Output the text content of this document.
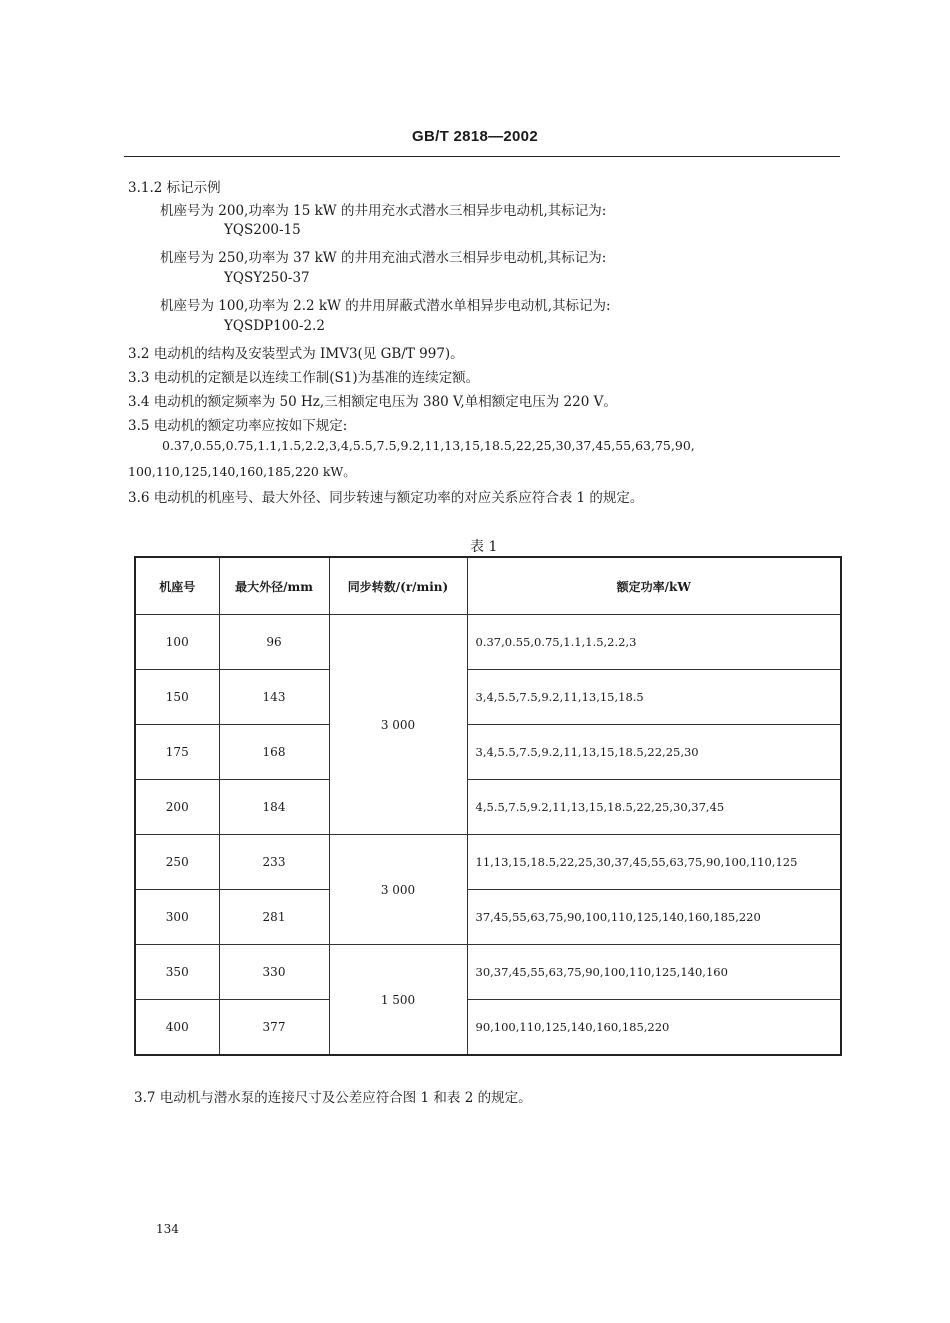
GB/T 2818—2002
3.1.2 标记示例
机座号为 200,功率为 15 kW 的井用充水式潜水三相异步电动机,其标记为:
YQS200-15
机座号为 250,功率为 37 kW 的井用充油式潜水三相异步电动机,其标记为:
YQSY250-37
机座号为 100,功率为 2.2 kW 的井用屏蔽式潜水单相异步电动机,其标记为:
YQSDP100-2.2
3.2 电动机的结构及安装型式为 IMV3(见 GB/T 997)。
3.3 电动机的定额是以连续工作制(S1)为基准的连续定额。
3.4 电动机的额定频率为 50 Hz,三相额定电压为 380 V,单相额定电压为 220 V。
3.5 电动机的额定功率应按如下规定:
0.37,0.55,0.75,1.1,1.5,2.2,3,4,5.5,7.5,9.2,11,13,15,18.5,22,25,30,37,45,55,63,75,90,
100,110,125,140,160,185,220 kW。
3.6 电动机的机座号、最大外径、同步转速与额定功率的对应关系应符合表 1 的规定。
表 1
机座号	最大外径/mm	同步转数/(r/min)	额定功率/kW
100	96	3 000	0.37,0.55,0.75,1.1,1.5,2.2,3
150	143		3,4,5.5,7.5,9.2,11,13,15,18.5
175	168		3,4,5.5,7.5,9.2,11,13,15,18.5,22,25,30
200	184		4,5.5,7.5,9.2,11,13,15,18.5,22,25,30,37,45
250	233	3 000	11,13,15,18.5,22,25,30,37,45,55,63,75,90,100,110,125
300	281		37,45,55,63,75,90,100,110,125,140,160,185,220
350	330	1 500	30,37,45,55,63,75,90,100,110,125,140,160
400	377		90,100,110,125,140,160,185,220
3.7 电动机与潜水泵的连接尺寸及公差应符合图 1 和表 2 的规定。
134
